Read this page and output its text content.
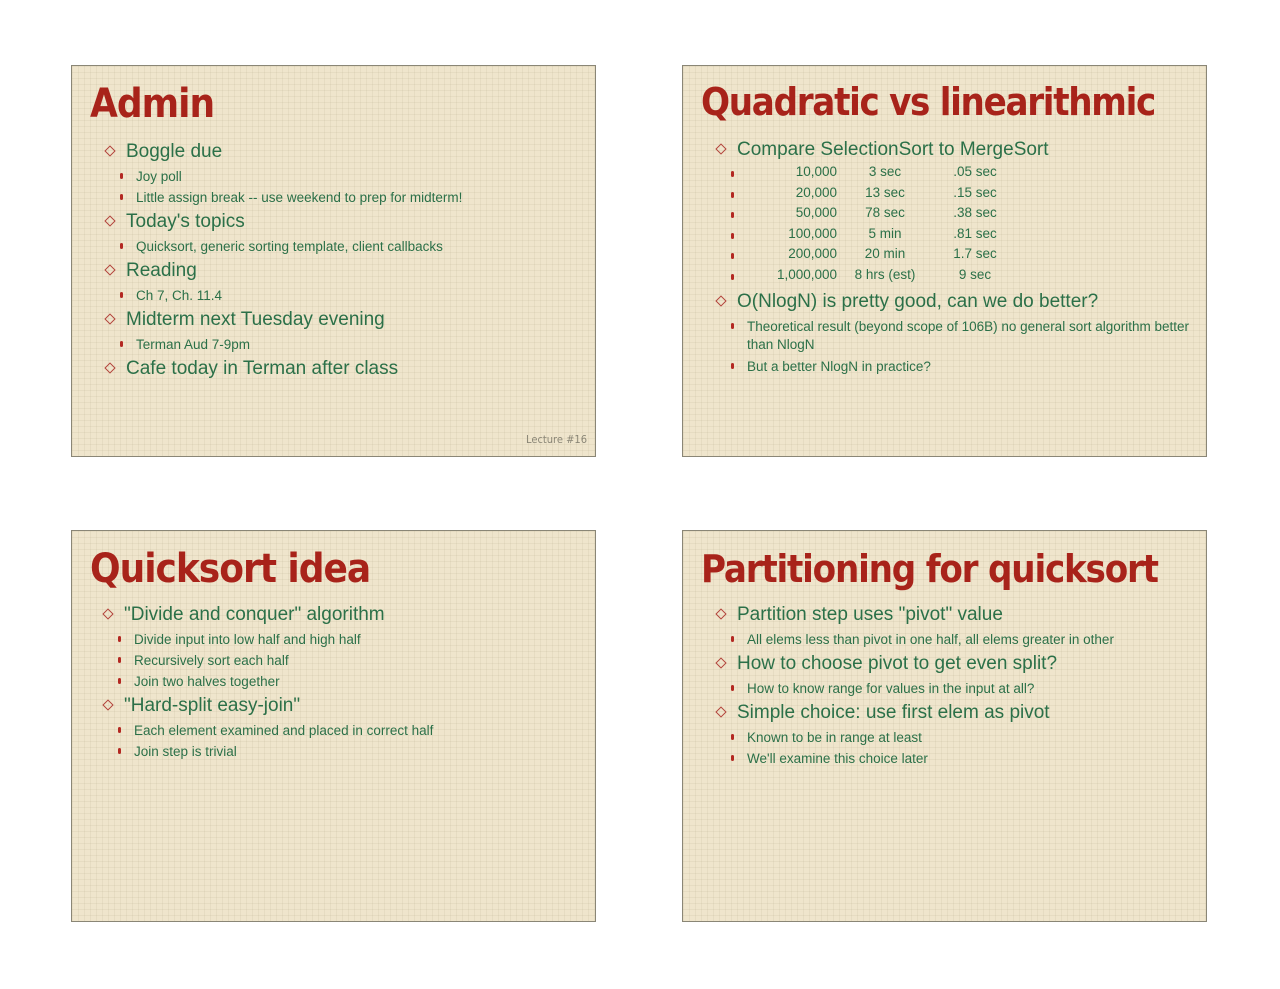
Admin
Boggle due
Joy poll
Little assign break -- use weekend to prep for midterm!
Today's topics
Quicksort, generic sorting template, client callbacks
Reading
Ch 7, Ch. 11.4
Midterm next Tuesday evening
Terman Aud 7-9pm
Cafe today in Terman after class
Lecture #16
Quadratic vs linearithmic
Compare SelectionSort to MergeSort
10,000	3 sec	.05 sec
20,000	13 sec	.15 sec
50,000	78 sec	.38 sec
100,000	5 min	.81 sec
200,000	20 min	1.7 sec
1,000,000	8 hrs (est)	9 sec
O(NlogN) is pretty good, can we do better?
Theoretical result (beyond scope of 106B) no general sort algorithm better than NlogN
But a better NlogN in practice?
Quicksort idea
"Divide and conquer" algorithm
Divide input into low half and high half
Recursively sort each half
Join two halves together
"Hard-split easy-join"
Each element examined and placed in correct half
Join step is trivial
Partitioning for quicksort
Partition step uses "pivot" value
All elems less than pivot in one half, all elems greater in other
How to choose pivot to get even split?
How to know range for values in the input at all?
Simple choice: use first elem as pivot
Known to be in range at least
We'll examine this choice later
